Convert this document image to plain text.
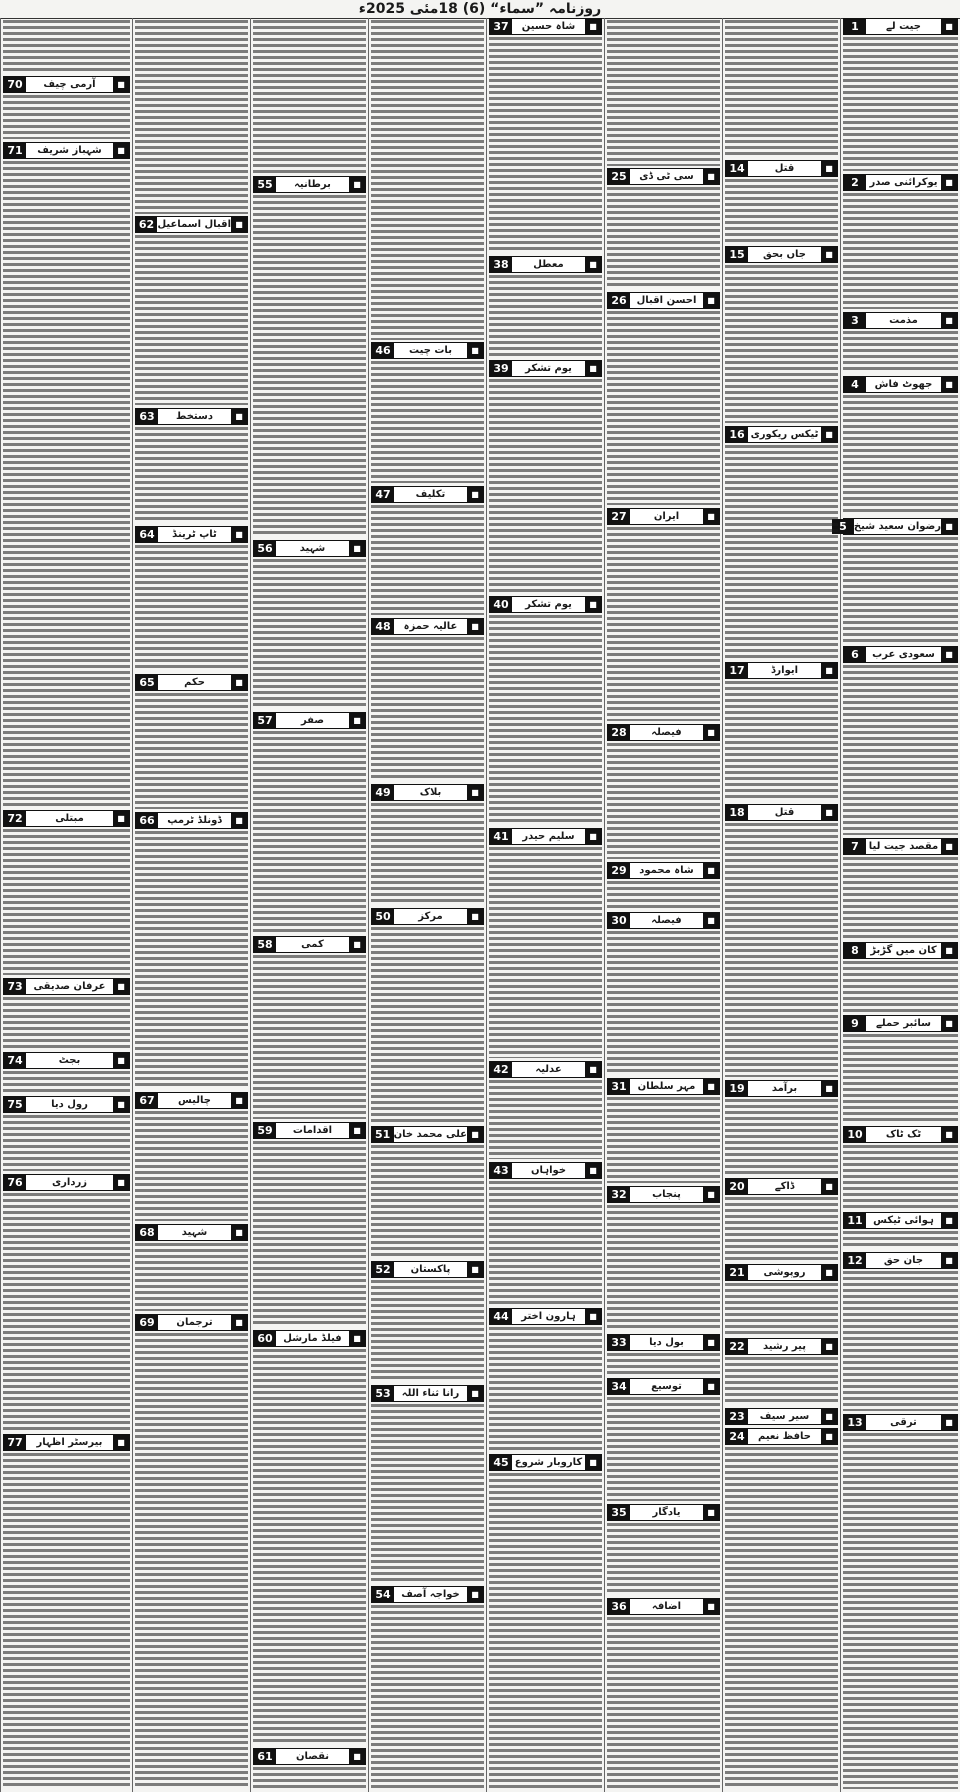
روزنامہ ”سماء“ (6) 18مئی 2025ء
■
جیت لے
1
■
یوکرائنی صدر
2
■
مذمت
3
■
جھوٹ فاش
4
■
رضوان سعید شیخ
5
■
سعودی عرب
6
■
مقصد جیت لیا
7
■
کان میں گڑبڑ
8
■
سائبر حملے
9
■
ٹک ٹاک
10
■
ہوائی ٹیکس
11
■
جان حق
12
■
ترقی
13
■
قتل
14
■
جاں بحق
15
■
ٹیکس ریکوری
16
■
ایوارڈ
17
■
قتل
18
■
برآمد
19
■
ڈاکے
20
■
روپوشی
21
■
پیر رشید
22
■
سیر سیف
23
■
حافظ نعیم
24
■
سی ٹی ڈی
25
■
احسن اقبال
26
■
ایران
27
■
فیصلہ
28
■
شاہ محمود
29
■
فیصلہ
30
■
مہر سلطان
31
■
پنجاب
32
■
بول دیا
33
■
توسیع
34
■
یادگار
35
■
اضافہ
36
■
شاہ حسین
37
■
معطل
38
■
یوم تشکر
39
■
یوم تشکر
40
■
سلیم حیدر
41
■
عدلیہ
42
■
خواہاں
43
■
ہارون اختر
44
■
کاروبار شروع
45
■
بات چیت
46
■
تکلیف
47
■
عالیہ حمزہ
48
■
بلاک
49
■
مرکز
50
■
علی محمد خان
51
■
پاکستان
52
■
رانا ثناء اللہ
53
■
خواجہ آصف
54
■
برطانیہ
55
■
شہید
56
■
صفر
57
■
کمی
58
■
اقدامات
59
■
فیلڈ مارشل
60
■
نقصان
61
■
اقبال اسماعیل
62
■
دستخط
63
■
ٹاپ ٹرینڈ
64
■
حکم
65
■
ڈونلڈ ٹرمپ
66
■
چالیس
67
■
شہید
68
■
ترجمان
69
■
آرمی چیف
70
■
شہباز شریف
71
■
مبتلی
72
■
عرفان صدیقی
73
■
بجٹ
74
■
رول دیا
75
■
زرداری
76
■
بیرسٹر اظہار
77
